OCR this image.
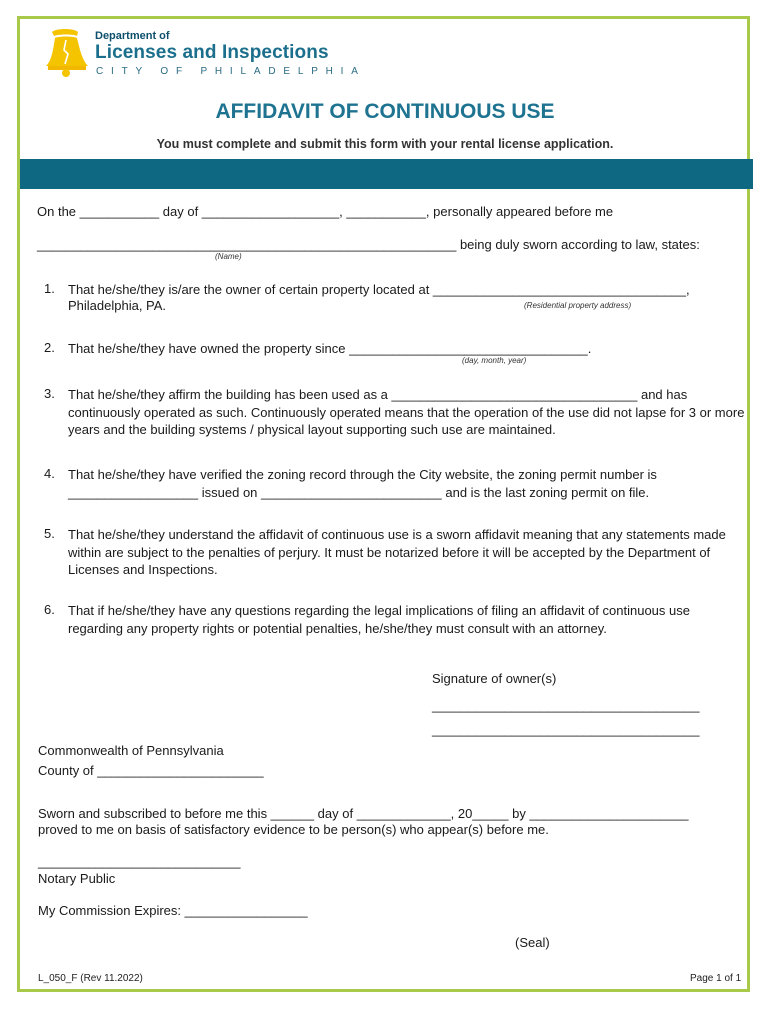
Department of
Licenses and Inspections
CITY OF PHILADELPHIA
AFFIDAVIT OF CONTINUOUS USE
You must complete and submit this form with your rental license application.
On the ___________ day of ___________________, ___________, personally appeared before me
__________________________________________________________ being duly sworn according to law, states:
(Name)
1. That he/she/they is/are the owner of certain property located at ___________________________________,
Philadelphia, PA.	(Residential property address)
2. That he/she/they have owned the property since _________________________________.
(day, month, year)
3. That he/she/they affirm the building has been used as a __________________________________ and has continuously operated as such. Continuously operated means that the operation of the use did not lapse for 3 or more years and the building systems / physical layout supporting such use are maintained.
4. That he/she/they have verified the zoning record through the City website, the zoning permit number is __________________ issued on _________________________ and is the last zoning permit on file.
5. That he/she/they understand the affidavit of continuous use is a sworn affidavit meaning that any statements made within are subject to the penalties of perjury. It must be notarized before it will be accepted by the Department of Licenses and Inspections.
6. That if he/she/they have any questions regarding the legal implications of filing an affidavit of continuous use regarding any property rights or potential penalties, he/she/they must consult with an attorney.
Signature of owner(s)
_____________________________________
_____________________________________
Commonwealth of Pennsylvania
County of _______________________
Sworn and subscribed to before me this ______ day of _____________, 20_____ by ______________________
proved to me on basis of satisfactory evidence to be person(s) who appear(s) before me.
____________________________
Notary Public
My Commission Expires: _________________
(Seal)
L_050_F (Rev 11.2022)	Page 1 of 1
